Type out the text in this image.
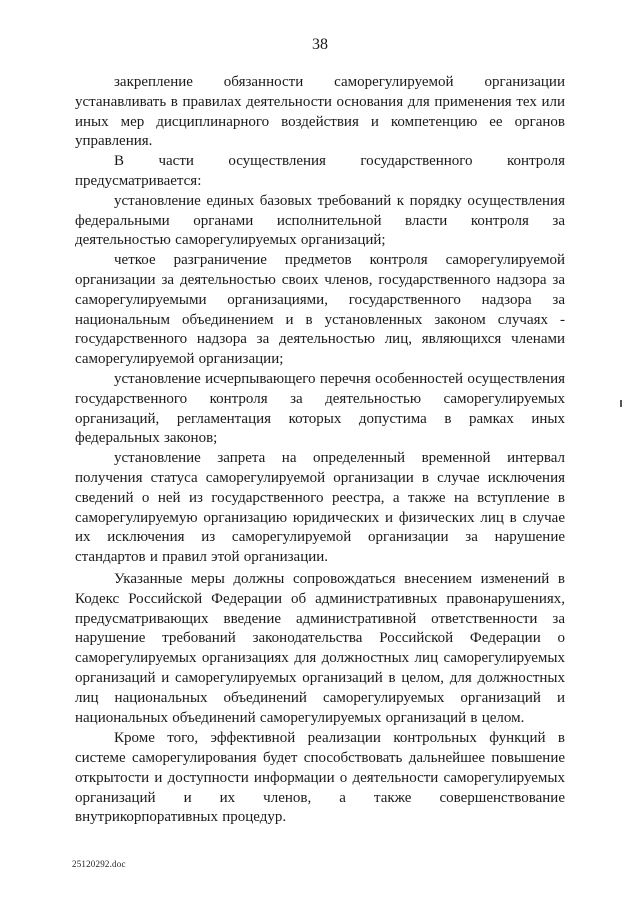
38

закрепление обязанности саморегулируемой организации устанавливать в правилах деятельности основания для применения тех или иных мер дисциплинарного воздействия и компетенцию ее органов управления.

В части осуществления государственного контроля предусматривается:

установление единых базовых требований к порядку осуществления федеральными органами исполнительной власти контроля за деятельностью саморегулируемых организаций;

четкое разграничение предметов контроля саморегулируемой организации за деятельностью своих членов, государственного надзора за саморегулируемыми организациями, государственного надзора за национальным объединением и в установленных законом случаях - государственного надзора за деятельностью лиц, являющихся членами саморегулируемой организации;

установление исчерпывающего перечня особенностей осуществления государственного контроля за деятельностью саморегулируемых организаций, регламентация которых допустима в рамках иных федеральных законов;

установление запрета на определенный временной интервал получения статуса саморегулируемой организации в случае исключения сведений о ней из государственного реестра, а также на вступление в саморегулируемую организацию юридических и физических лиц в случае их исключения из саморегулируемой организации за нарушение стандартов и правил этой организации.

Указанные меры должны сопровождаться внесением изменений в Кодекс Российской Федерации об административных правонарушениях, предусматривающих введение административной ответственности за нарушение требований законодательства Российской Федерации о саморегулируемых организациях для должностных лиц саморегулируемых организаций и саморегулируемых организаций в целом, для должностных лиц национальных объединений саморегулируемых организаций и национальных объединений саморегулируемых организаций в целом.

Кроме того, эффективной реализации контрольных функций в системе саморегулирования будет способствовать дальнейшее повышение открытости и доступности информации о деятельности саморегулируемых организаций и их членов, а также совершенствование внутрикорпоративных процедур.

25120292.doc
